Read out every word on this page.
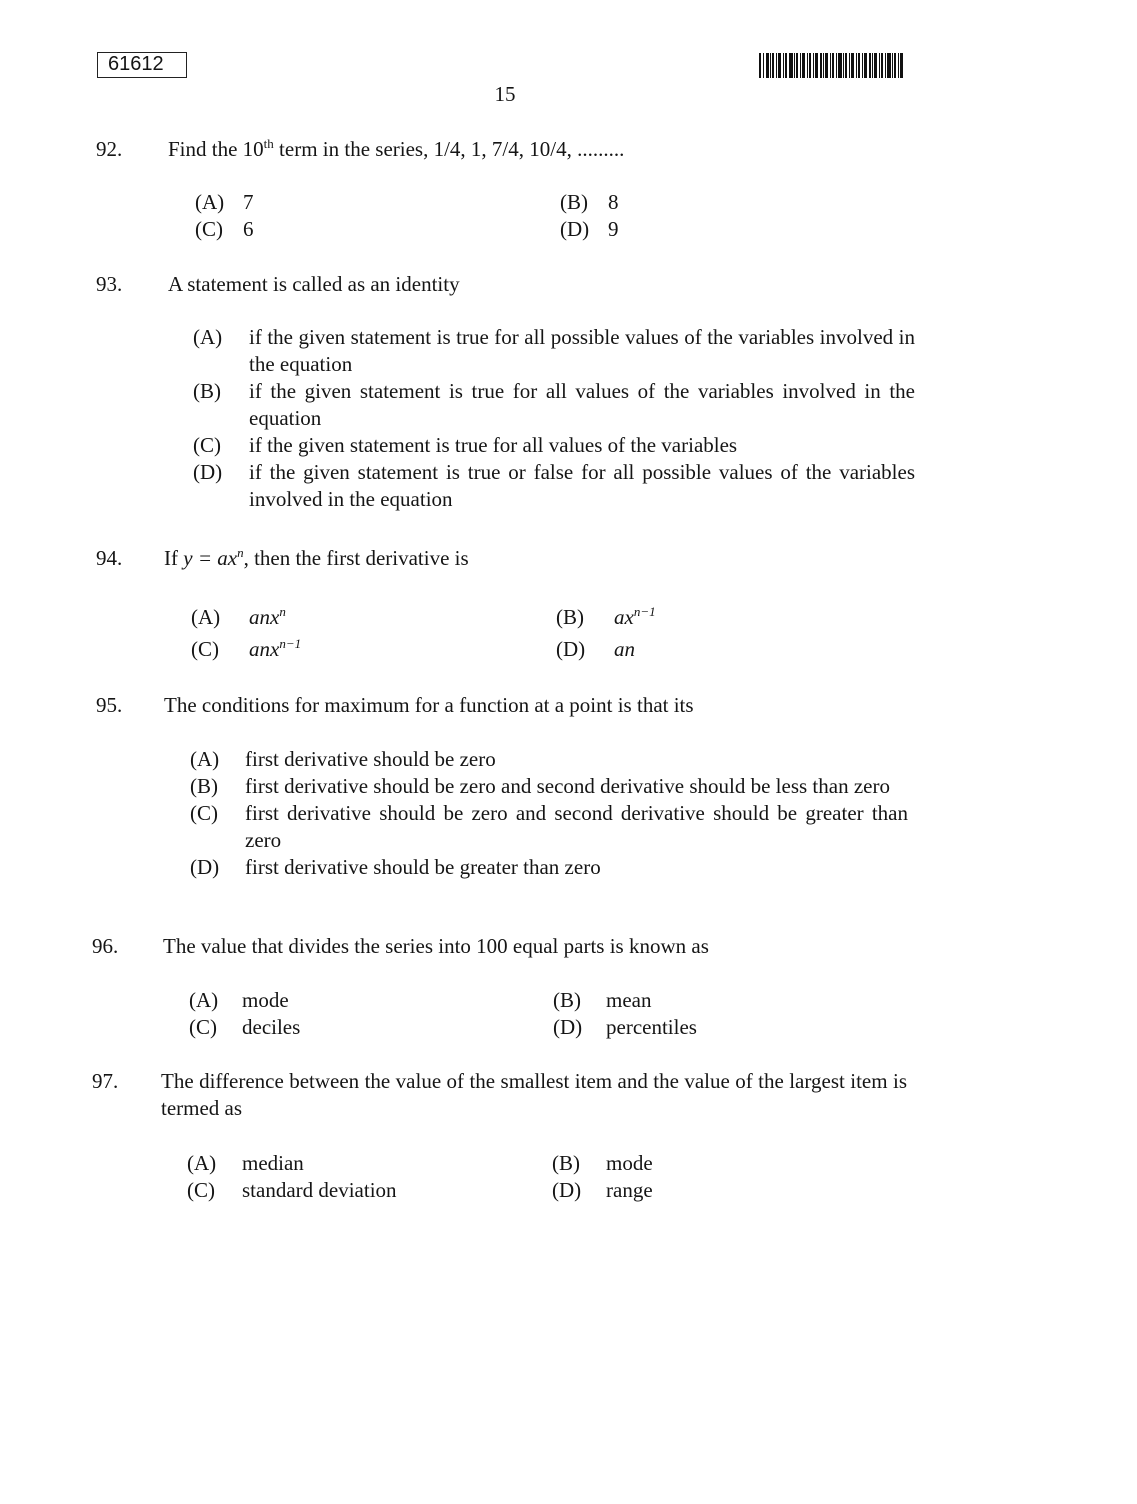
61612
15
92. Find the 10th term in the series, 1/4, 1, 7/4, 10/4, .........
(A) 7	(B) 8
(C) 6	(D) 9
93. A statement is called as an identity
(A) if the given statement is true for all possible values of the variables involved in the equation
(B) if the given statement is true for all values of the variables involved in the equation
(C) if the given statement is true for all values of the variables
(D) if the given statement is true or false for all possible values of the variables involved in the equation
94. If $y = ax^n$, then the first derivative is
(A) anx$^n$	(B) $ax^{n-1}$
(C) anx$^{n-1}$	(D) an
95. The conditions for maximum for a function at a point is that its
(A) first derivative should be zero
(B) first derivative should be zero and second derivative should be less than zero
(C) first derivative should be zero and second derivative should be greater than zero
(D) first derivative should be greater than zero
96. The value that divides the series into 100 equal parts is known as
(A) mode	(B) mean
(C) deciles	(D) percentiles
97. The difference between the value of the smallest item and the value of the largest item is termed as
(A) median	(B) mode
(C) standard deviation	(D) range
